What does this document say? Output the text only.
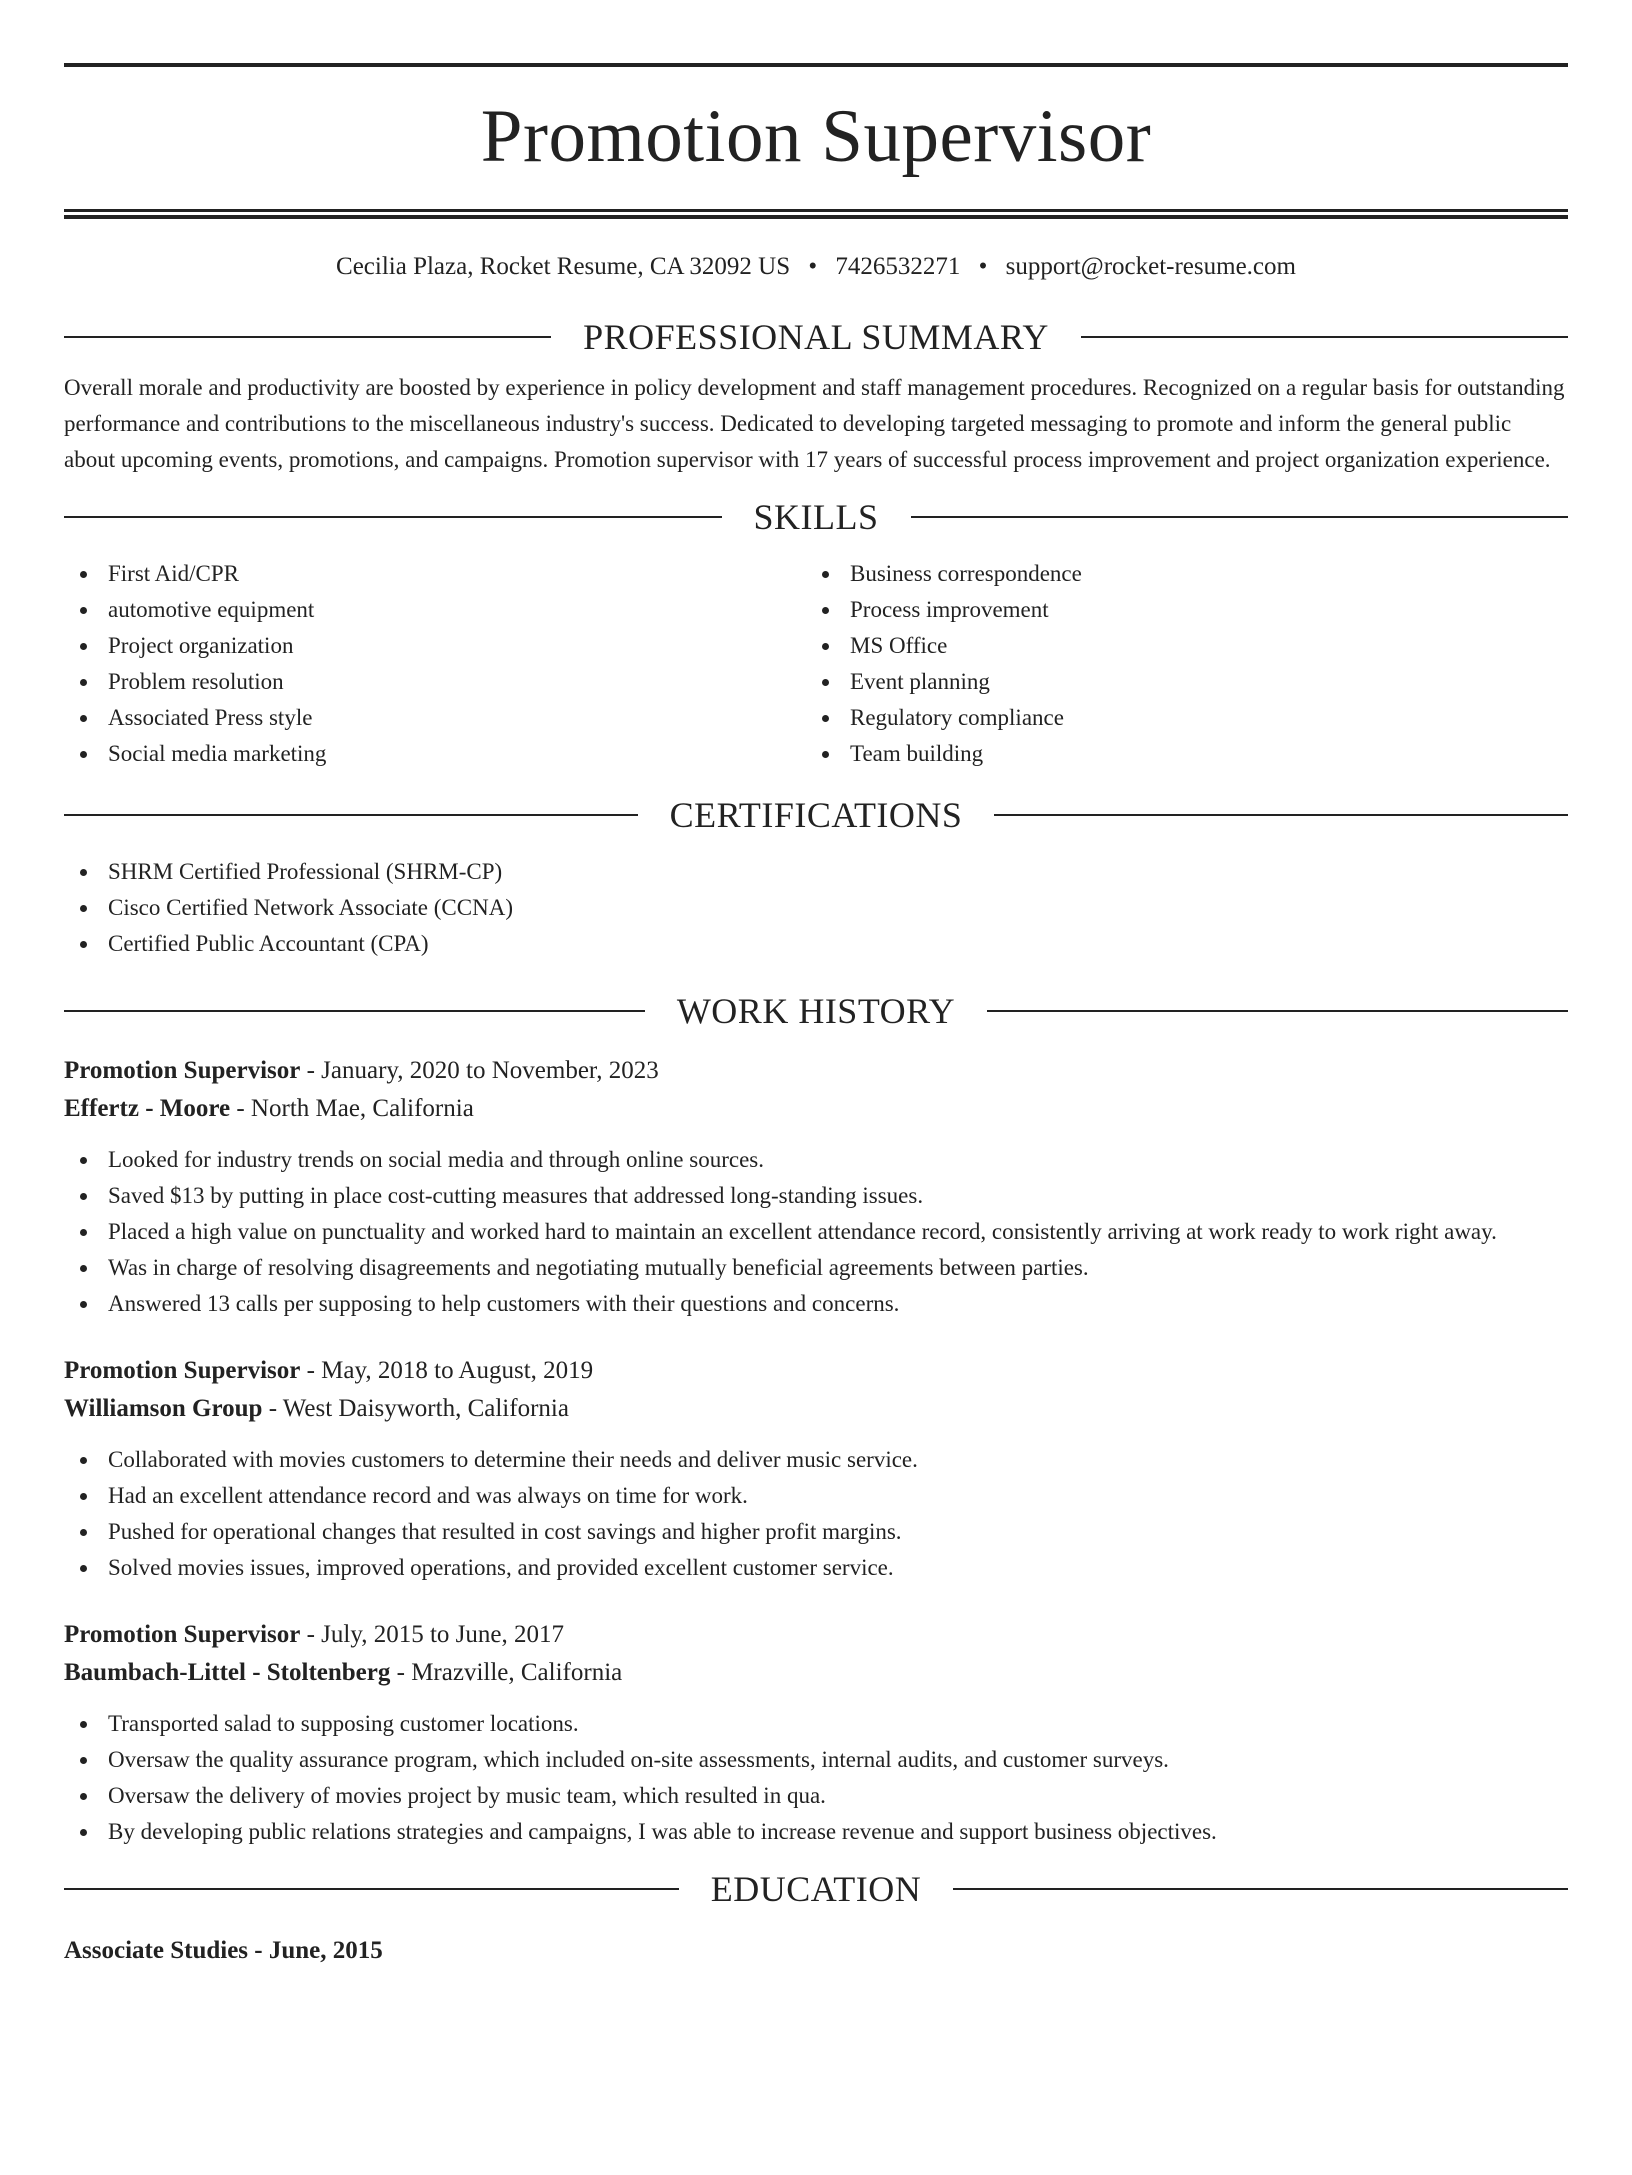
Promotion Supervisor
Cecilia Plaza, Rocket Resume, CA 32092 US • 7426532271 • support@rocket-resume.com
PROFESSIONAL SUMMARY
Overall morale and productivity are boosted by experience in policy development and staff management procedures. Recognized on a regular basis for outstanding performance and contributions to the miscellaneous industry's success. Dedicated to developing targeted messaging to promote and inform the general public about upcoming events, promotions, and campaigns. Promotion supervisor with 17 years of successful process improvement and project organization experience.
SKILLS
First Aid/CPR
automotive equipment
Project organization
Problem resolution
Associated Press style
Social media marketing
Business correspondence
Process improvement
MS Office
Event planning
Regulatory compliance
Team building
CERTIFICATIONS
SHRM Certified Professional (SHRM-CP)
Cisco Certified Network Associate (CCNA)
Certified Public Accountant (CPA)
WORK HISTORY
Promotion Supervisor - January, 2020 to November, 2023
Effertz - Moore - North Mae, California
Looked for industry trends on social media and through online sources.
Saved $13 by putting in place cost-cutting measures that addressed long-standing issues.
Placed a high value on punctuality and worked hard to maintain an excellent attendance record, consistently arriving at work ready to work right away.
Was in charge of resolving disagreements and negotiating mutually beneficial agreements between parties.
Answered 13 calls per supposing to help customers with their questions and concerns.
Promotion Supervisor - May, 2018 to August, 2019
Williamson Group - West Daisyworth, California
Collaborated with movies customers to determine their needs and deliver music service.
Had an excellent attendance record and was always on time for work.
Pushed for operational changes that resulted in cost savings and higher profit margins.
Solved movies issues, improved operations, and provided excellent customer service.
Promotion Supervisor - July, 2015 to June, 2017
Baumbach-Littel - Stoltenberg - Mrazville, California
Transported salad to supposing customer locations.
Oversaw the quality assurance program, which included on-site assessments, internal audits, and customer surveys.
Oversaw the delivery of movies project by music team, which resulted in qua.
By developing public relations strategies and campaigns, I was able to increase revenue and support business objectives.
EDUCATION
Associate Studies - June, 2015
